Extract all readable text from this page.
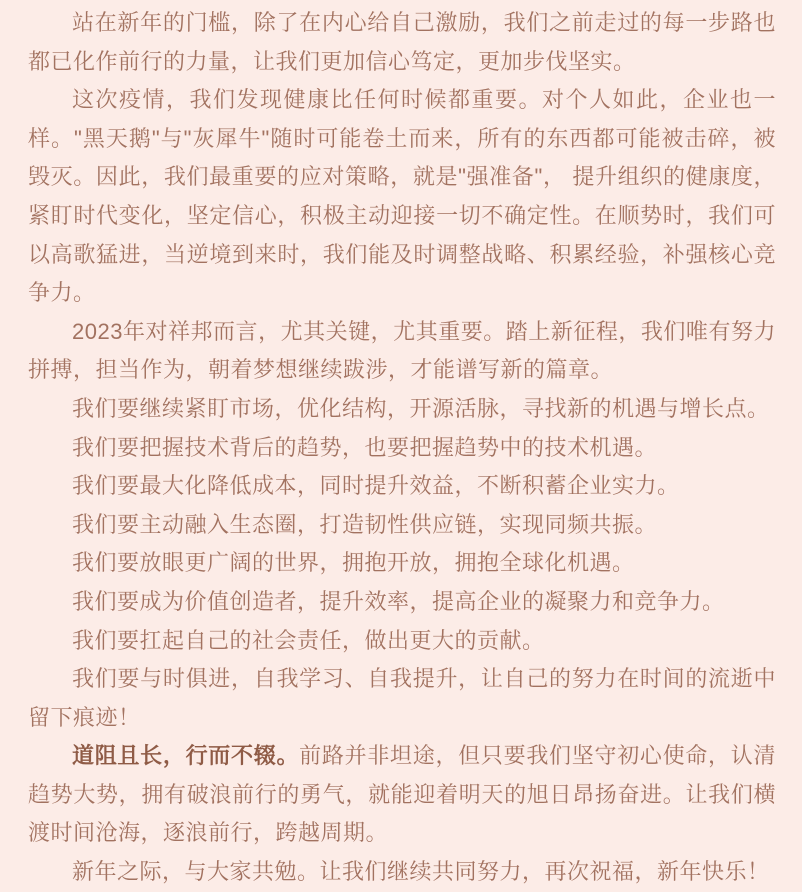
站在新年的门槛，除了在内心给自己激励，我们之前走过的每一步路也都已化作前行的力量，让我们更加信心笃定，更加步伐坚实。

这次疫情，我们发现健康比任何时候都重要。对个人如此，企业也一样。"黑天鹅"与"灰犀牛"随时可能卷土而来，所有的东西都可能被击碎，被毁灭。因此，我们最重要的应对策略，就是"强准备"， 提升组织的健康度，紧盯时代变化，坚定信心，积极主动迎接一切不确定性。在顺势时，我们可以高歌猛进，当逆境到来时，我们能及时调整战略、积累经验，补强核心竞争力。

2023年对祥邦而言，尤其关键，尤其重要。踏上新征程，我们唯有努力拼搏，担当作为，朝着梦想继续跋涉，才能谱写新的篇章。

我们要继续紧盯市场，优化结构，开源活脉，寻找新的机遇与增长点。

我们要把握技术背后的趋势，也要把握趋势中的技术机遇。

我们要最大化降低成本，同时提升效益，不断积蓄企业实力。

我们要主动融入生态圈，打造韧性供应链，实现同频共振。

我们要放眼更广阔的世界，拥抱开放，拥抱全球化机遇。

我们要成为价值创造者，提升效率，提高企业的凝聚力和竞争力。

我们要扛起自己的社会责任，做出更大的贡献。

我们要与时俱进，自我学习、自我提升，让自己的努力在时间的流逝中留下痕迹！

道阻且长，行而不辍。前路并非坦途，但只要我们坚守初心使命，认清趋势大势，拥有破浪前行的勇气，就能迎着明天的旭日昂扬奋进。让我们横渡时间沧海，逐浪前行，跨越周期。

新年之际，与大家共勉。让我们继续共同努力，再次祝福，新年快乐！
